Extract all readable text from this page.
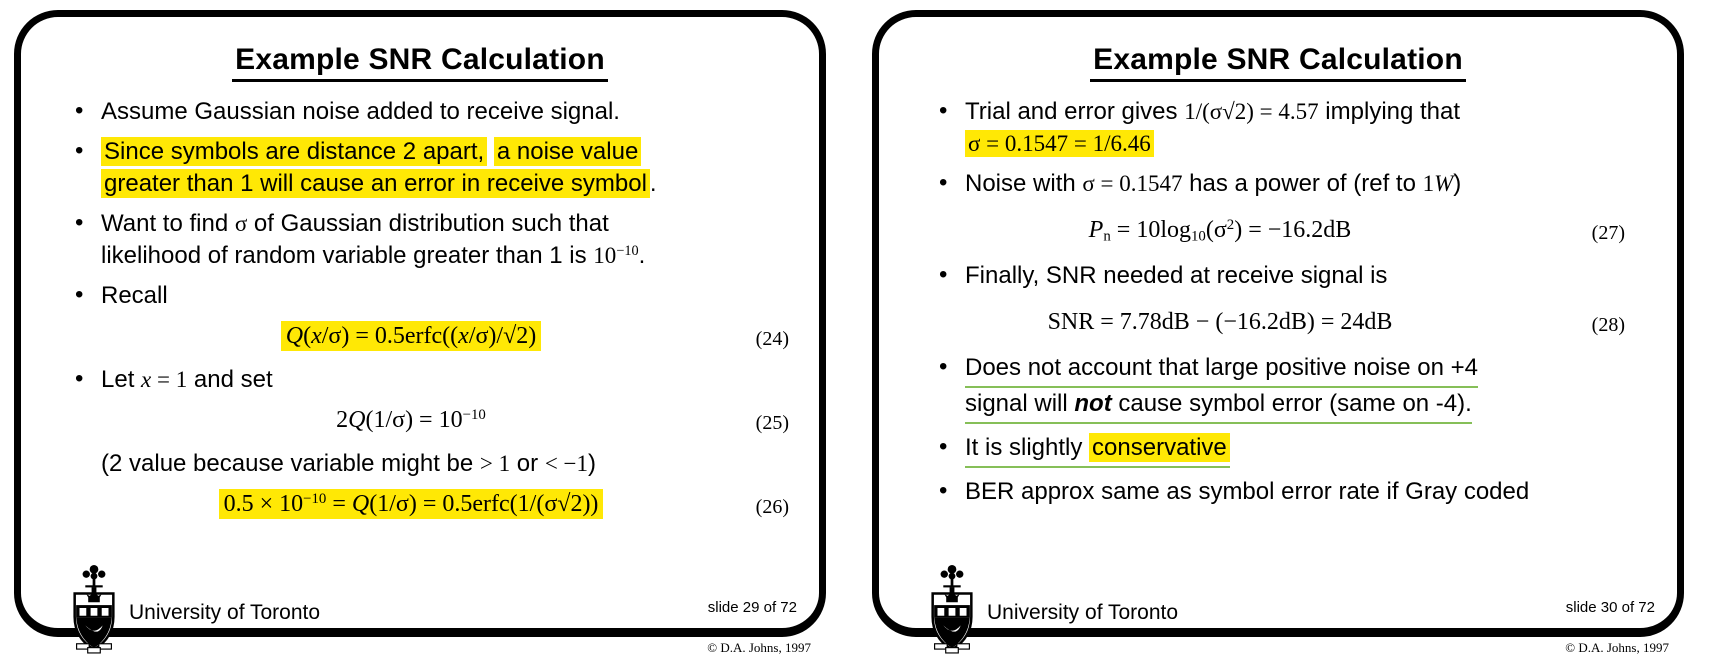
Example SNR Calculation
• Assume Gaussian noise added to receive signal.
• Since symbols are distance 2 apart, a noise value
greater than 1 will cause an error in receive symbol .
• Want to find σ of Gaussian distribution such that
likelihood of random variable greater than 1 is $10^{-10}$.
• Recall
Q(x/σ) = 0.5erfc((x/σ)/√2)	(24)
• Let x = 1 and set
$2Q(1/\sigma) = 10^{-10}$	(25)
(2 value because variable might be > 1 or < −1)
$0.5 \times 10^{-10} = Q(1/\sigma)$ = 0.5erfc(1/(σ√2))	(26)
University of Toronto	slide 29 of 72
© D.A. Johns, 1997
Example SNR Calculation
• Trial and error gives 1/(σ√2) = 4.57 implying that
σ = 0.1547 = 1/6.46
• Noise with σ = 0.1547 has a power of (ref to 1W)
$P_n = 10\log_{10}(\sigma^2) = -16.2dB$	(27)
• Finally, SNR needed at receive signal is
SNR = 7.78dB − (−16.2dB) = 24dB	(28)
• Does not account that large positive noise on +4
signal will not cause symbol error (same on -4).
• It is slightly conservative
• BER approx same as symbol error rate if Gray coded
University of Toronto	slide 30 of 72
© D.A. Johns, 1997
